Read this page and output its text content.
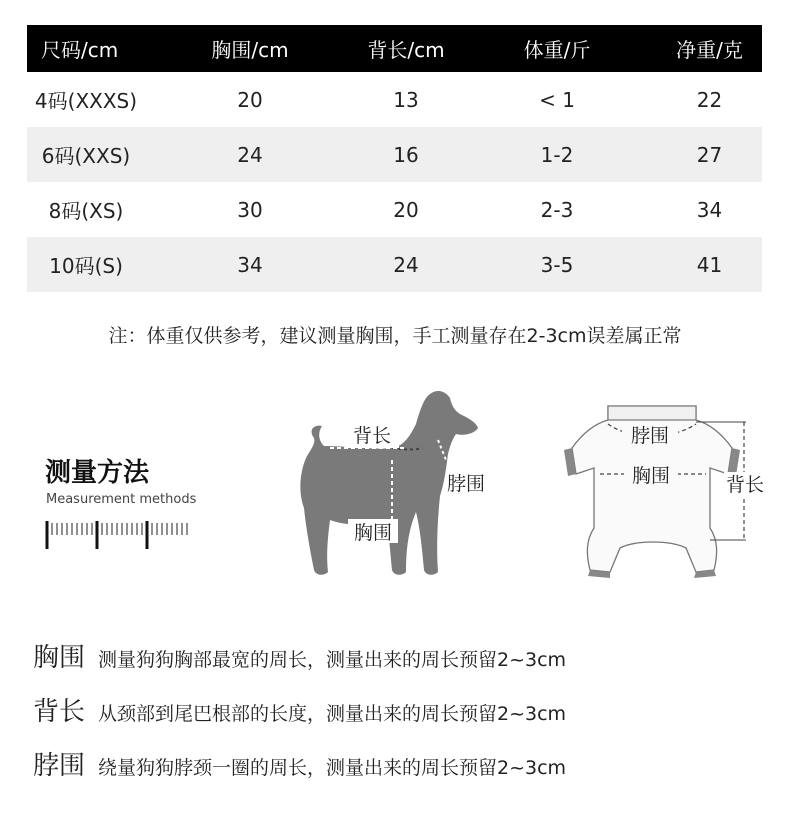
尺码/cm	胸围/cm	背长/cm	体重/斤	净重/克
4码(XXXS)	20	13	< 1	22
6码(XXS)	24	16	1-2	27
8码(XS)	30	20	2-3	34
10码(S)	34	24	3-5	41
注：体重仅供参考，建议测量胸围，手工测量存在2-3cm误差属正常
测量方法
Measurement methods
背长
胸围
脖围
脖围
胸围	背长
胸围 测量狗狗胸部最宽的周长，测量出来的周长预留2~3cm
背长 从颈部到尾巴根部的长度，测量出来的周长预留2~3cm
脖围 绕量狗狗脖颈一圈的周长，测量出来的周长预留2~3cm
